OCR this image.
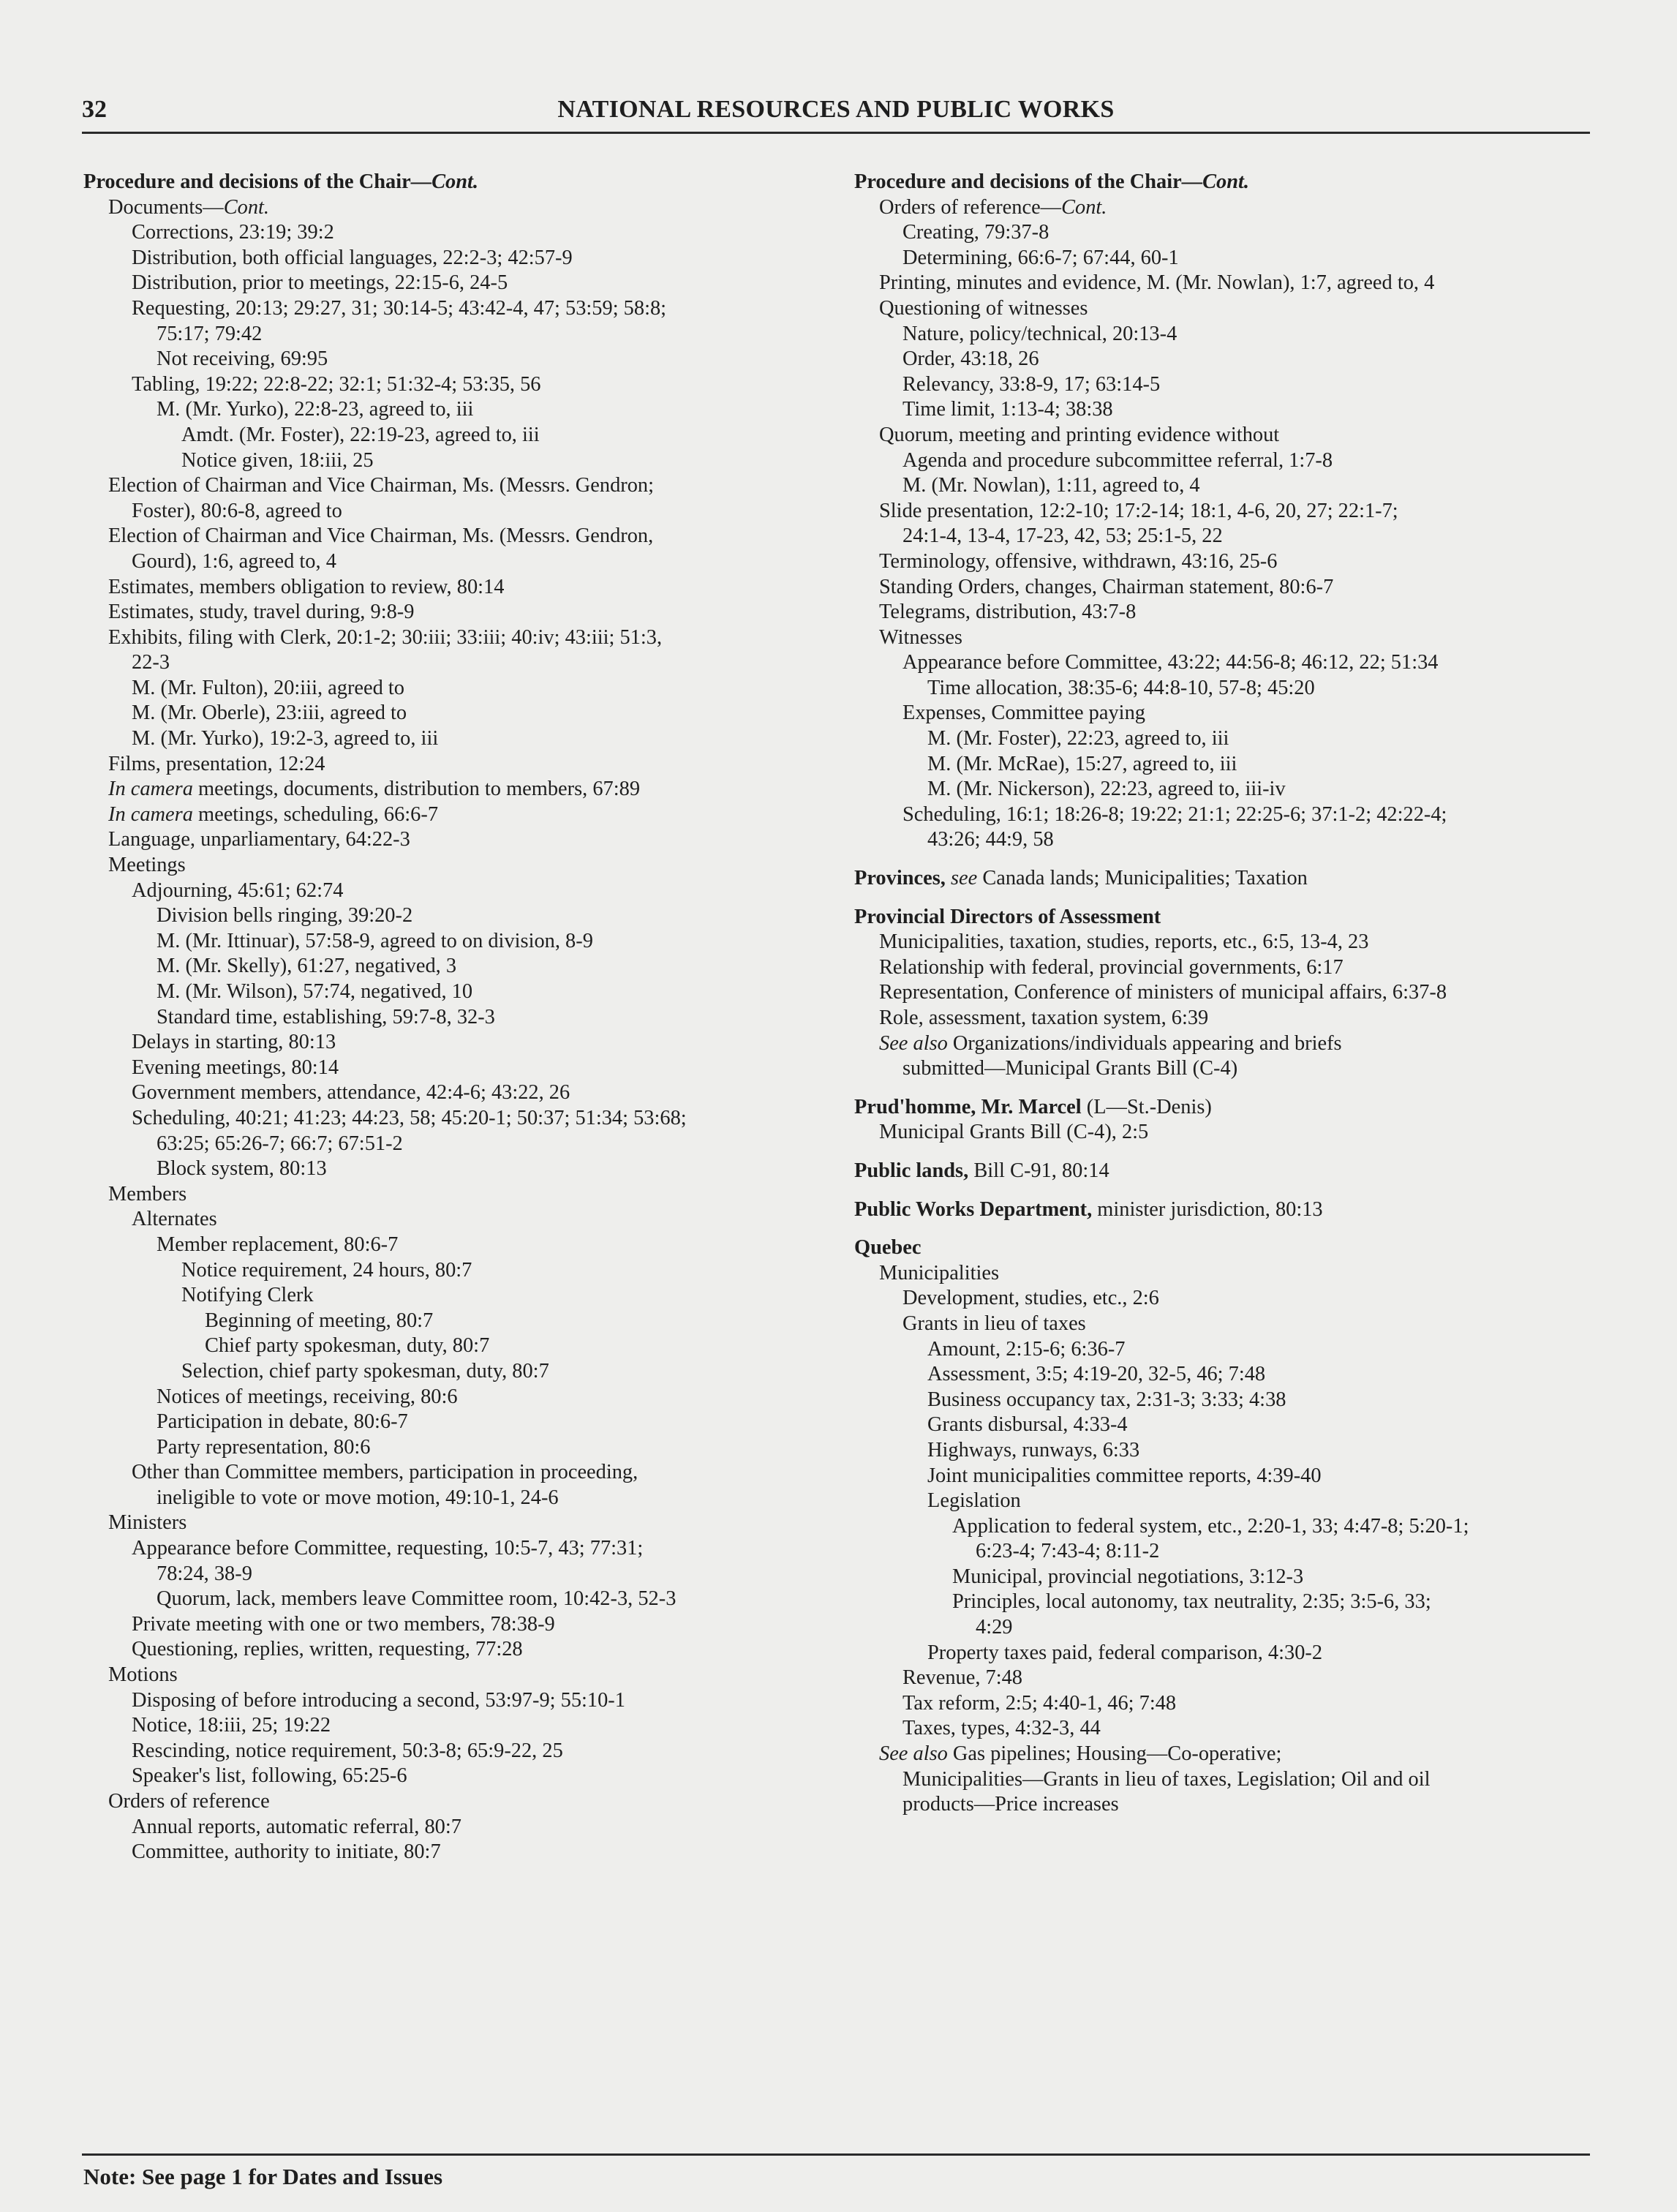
32	NATIONAL RESOURCES AND PUBLIC WORKS
Procedure and decisions of the Chair—Cont.
Documents—Cont.
Corrections, 23:19; 39:2
Distribution, both official languages, 22:2-3; 42:57-9
Distribution, prior to meetings, 22:15-6, 24-5
Requesting, 20:13; 29:27, 31; 30:14-5; 43:42-4, 47; 53:59; 58:8;
75:17; 79:42
Not receiving, 69:95
Tabling, 19:22; 22:8-22; 32:1; 51:32-4; 53:35, 56
M. (Mr. Yurko), 22:8-23, agreed to, iii
Amdt. (Mr. Foster), 22:19-23, agreed to, iii
Notice given, 18:iii, 25
Election of Chairman and Vice Chairman, Ms. (Messrs. Gendron;
Foster), 80:6-8, agreed to
Election of Chairman and Vice Chairman, Ms. (Messrs. Gendron,
Gourd), 1:6, agreed to, 4
Estimates, members obligation to review, 80:14
Estimates, study, travel during, 9:8-9
Exhibits, filing with Clerk, 20:1-2; 30:iii; 33:iii; 40:iv; 43:iii; 51:3,
22-3
M. (Mr. Fulton), 20:iii, agreed to
M. (Mr. Oberle), 23:iii, agreed to
M. (Mr. Yurko), 19:2-3, agreed to, iii
Films, presentation, 12:24
In camera meetings, documents, distribution to members, 67:89
In camera meetings, scheduling, 66:6-7
Language, unparliamentary, 64:22-3
Meetings
Adjourning, 45:61; 62:74
Division bells ringing, 39:20-2
M. (Mr. Ittinuar), 57:58-9, agreed to on division, 8-9
M. (Mr. Skelly), 61:27, negatived, 3
M. (Mr. Wilson), 57:74, negatived, 10
Standard time, establishing, 59:7-8, 32-3
Delays in starting, 80:13
Evening meetings, 80:14
Government members, attendance, 42:4-6; 43:22, 26
Scheduling, 40:21; 41:23; 44:23, 58; 45:20-1; 50:37; 51:34; 53:68;
63:25; 65:26-7; 66:7; 67:51-2
Block system, 80:13
Members
Alternates
Member replacement, 80:6-7
Notice requirement, 24 hours, 80:7
Notifying Clerk
Beginning of meeting, 80:7
Chief party spokesman, duty, 80:7
Selection, chief party spokesman, duty, 80:7
Notices of meetings, receiving, 80:6
Participation in debate, 80:6-7
Party representation, 80:6
Other than Committee members, participation in proceeding,
ineligible to vote or move motion, 49:10-1, 24-6
Ministers
Appearance before Committee, requesting, 10:5-7, 43; 77:31;
78:24, 38-9
Quorum, lack, members leave Committee room, 10:42-3, 52-3
Private meeting with one or two members, 78:38-9
Questioning, replies, written, requesting, 77:28
Motions
Disposing of before introducing a second, 53:97-9; 55:10-1
Notice, 18:iii, 25; 19:22
Rescinding, notice requirement, 50:3-8; 65:9-22, 25
Speaker's list, following, 65:25-6
Orders of reference
Annual reports, automatic referral, 80:7
Committee, authority to initiate, 80:7
Procedure and decisions of the Chair—Cont.
Orders of reference—Cont.
Creating, 79:37-8
Determining, 66:6-7; 67:44, 60-1
Printing, minutes and evidence, M. (Mr. Nowlan), 1:7, agreed to, 4
Questioning of witnesses
Nature, policy/technical, 20:13-4
Order, 43:18, 26
Relevancy, 33:8-9, 17; 63:14-5
Time limit, 1:13-4; 38:38
Quorum, meeting and printing evidence without
Agenda and procedure subcommittee referral, 1:7-8
M. (Mr. Nowlan), 1:11, agreed to, 4
Slide presentation, 12:2-10; 17:2-14; 18:1, 4-6, 20, 27; 22:1-7;
24:1-4, 13-4, 17-23, 42, 53; 25:1-5, 22
Terminology, offensive, withdrawn, 43:16, 25-6
Standing Orders, changes, Chairman statement, 80:6-7
Telegrams, distribution, 43:7-8
Witnesses
Appearance before Committee, 43:22; 44:56-8; 46:12, 22; 51:34
Time allocation, 38:35-6; 44:8-10, 57-8; 45:20
Expenses, Committee paying
M. (Mr. Foster), 22:23, agreed to, iii
M. (Mr. McRae), 15:27, agreed to, iii
M. (Mr. Nickerson), 22:23, agreed to, iii-iv
Scheduling, 16:1; 18:26-8; 19:22; 21:1; 22:25-6; 37:1-2; 42:22-4;
43:26; 44:9, 58
Provinces, see Canada lands; Municipalities; Taxation
Provincial Directors of Assessment
Municipalities, taxation, studies, reports, etc., 6:5, 13-4, 23
Relationship with federal, provincial governments, 6:17
Representation, Conference of ministers of municipal affairs, 6:37-8
Role, assessment, taxation system, 6:39
See also Organizations/individuals appearing and briefs
submitted—Municipal Grants Bill (C-4)
Prud'homme, Mr. Marcel (L—St.-Denis)
Municipal Grants Bill (C-4), 2:5
Public lands, Bill C-91, 80:14
Public Works Department, minister jurisdiction, 80:13
Quebec
Municipalities
Development, studies, etc., 2:6
Grants in lieu of taxes
Amount, 2:15-6; 6:36-7
Assessment, 3:5; 4:19-20, 32-5, 46; 7:48
Business occupancy tax, 2:31-3; 3:33; 4:38
Grants disbursal, 4:33-4
Highways, runways, 6:33
Joint municipalities committee reports, 4:39-40
Legislation
Application to federal system, etc., 2:20-1, 33; 4:47-8; 5:20-1;
6:23-4; 7:43-4; 8:11-2
Municipal, provincial negotiations, 3:12-3
Principles, local autonomy, tax neutrality, 2:35; 3:5-6, 33;
4:29
Property taxes paid, federal comparison, 4:30-2
Revenue, 7:48
Tax reform, 2:5; 4:40-1, 46; 7:48
Taxes, types, 4:32-3, 44
See also Gas pipelines; Housing—Co-operative;
Municipalities—Grants in lieu of taxes, Legislation; Oil and oil
products—Price increases
Note: See page 1 for Dates and Issues
